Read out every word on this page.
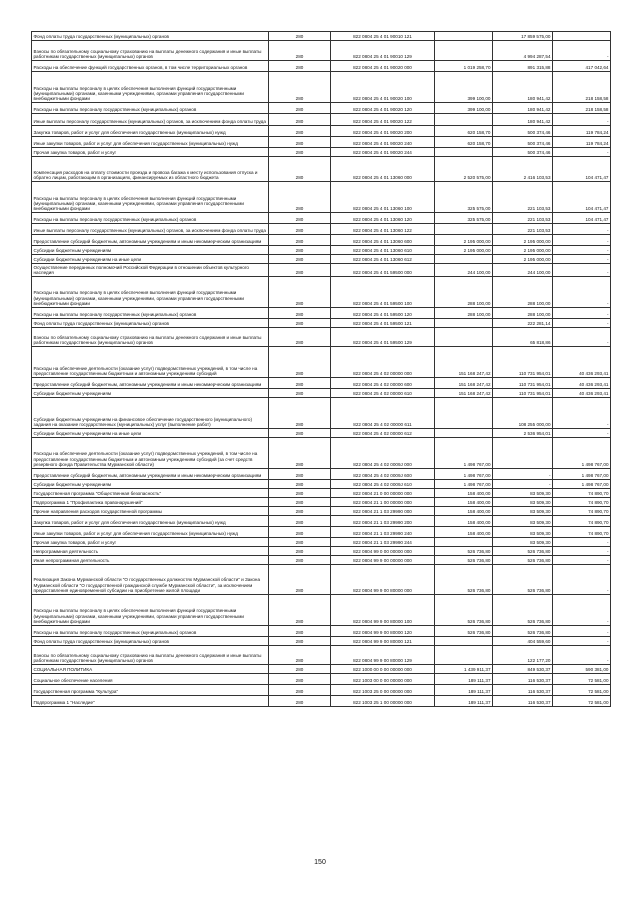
Фонд оплаты труда государственных (муниципальных) органов	280	822 0804 25 4 01 90010 121		17 859 575,00	
Взносы по обязательному социальному страхованию на выплаты денежного содержания и иные выплаты работникам государственных (муниципальных) органов	280	822 0804 25 4 01 90010 129		4 994 287,54	-
Расходы на обеспечение функций государственных органов, в том числе территориальных органов	280	822 0804 25 4 01 90020 000	1 019 258,70	891 315,88	417 042,64
Расходы на выплаты персоналу в целях обеспечения выполнения функций государственными (муниципальными) органами, казенными учреждениями, органами управления государственными внебюджетными фондами	280	822 0804 25 4 01 90020 100	399 100,00	180 941,42	218 158,58
Расходы на выплаты персоналу государственных (муниципальных) органов	280	822 0804 25 4 01 90020 120	399 100,00	180 941,42	218 158,58
Иные выплаты персоналу государственных (муниципальных) органов, за исключением фонда оплаты труда	280	822 0804 25 4 01 90020 122		180 941,42	-
Закупка товаров, работ и услуг для обеспечения государственных (муниципальных) нужд	280	822 0804 25 4 01 90020 200	620 158,70	500 374,46	119 784,24
Иные закупки товаров, работ и услуг для обеспечения государственных (муниципальных) нужд	280	822 0804 25 4 01 90020 240	620 158,70	500 374,46	119 784,24
Прочая закупка товаров, работ и услуг	280	822 0804 25 4 01 90020 244		500 374,46	-
Компенсация расходов на оплату стоимости проезда и провоза багажа к месту использования отпуска и обратно лицам, работающим в организациях, финансируемых из областного бюджета	280	822 0804 25 4 01 13060 000	2 520 575,00	2 416 103,53	104 471,47
Расходы на выплаты персоналу в целях обеспечения выполнения функций государственными (муниципальными) органами, казенными учреждениями, органами управления государственными внебюджетными фондами	280	822 0804 25 4 01 13060 100	325 575,00	221 103,53	104 471,47
Расходы на выплаты персоналу государственных (муниципальных) органов	280	822 0804 25 4 01 13060 120	325 575,00	221 103,53	104 471,47
Иные выплаты персоналу государственных (муниципальных) органов, за исключением фонда оплаты труда	280	822 0804 25 4 01 13060 122		221 103,53	-
Предоставление субсидий бюджетным, автономным учреждениям и иным некоммерческим организациям	280	822 0804 25 4 01 13060 600	2 195 000,00	2 195 000,00	-
Субсидии бюджетным учреждениям	280	822 0804 25 4 01 13060 610	2 195 000,00	2 195 000,00	-
Субсидии бюджетным учреждениям на иные цели	280	822 0804 25 4 01 13060 612		2 195 000,00	-
Осуществление переданных полномочий Российской Федерации в отношении объектов культурного наследия	280	822 0804 25 4 01 59500 000	244 100,00	244 100,00	-
Расходы на выплаты персоналу в целях обеспечения выполнения функций государственными (муниципальными) органами, казенными учреждениями, органами управления государственными внебюджетными фондами	280	822 0804 25 4 01 59500 100	288 100,00	288 100,00	-
Расходы на выплаты персоналу государственных (муниципальных) органов	280	822 0804 25 4 01 59500 120	288 100,00	288 100,00	-
Фонд оплаты труда государственных (муниципальных) органов	280	822 0804 25 4 01 59500 121		222 281,14	-
Взносы по обязательному социальному страхованию на выплаты денежного содержания и иные выплаты работникам государственных (муниципальных) органов	280	822 0804 25 4 01 59500 129		65 818,86	-
Расходы на обеспечение деятельности (оказание услуг) подведомственных учреждений, в том числе на предоставление государственным бюджетным и автономным учреждениям субсидий	280	822 0804 25 4 02 00000 000	151 168 247,42	110 731 954,01	40 436 293,41
Предоставление субсидий бюджетным, автономным учреждениям и иным некоммерческим организациям	280	822 0804 25 4 02 00000 600	151 168 247,42	110 731 954,01	40 436 293,41
Субсидии бюджетным учреждениям	280	822 0804 25 4 02 00000 610	151 168 247,42	110 731 954,01	40 436 293,41
Субсидии бюджетным учреждениям на финансовое обеспечение государственного (муниципального) задания на оказание государственных (муниципальных) услуг (выполнение работ)	280	822 0804 25 4 02 00000 611		108 255 000,00	-
Субсидии бюджетным учреждениям на иные цели	280	822 0804 25 4 02 00000 612		2 536 954,01	-
Расходы на обеспечение деятельности (оказание услуг) подведомственных учреждений, в том числе на предоставление государственным бюджетным и автономным учреждениям субсидий (за счет средств резервного фонда Правительства Мурманской области)	280	822 0804 25 4 02 0009J 000	1 498 767,00		1 498 767,00
Предоставление субсидий бюджетным, автономным учреждениям и иным некоммерческим организациям	280	822 0804 25 4 02 0009J 600	1 498 767,00	-	1 498 767,00
Субсидии бюджетным учреждениям	280	822 0804 25 4 02 0009J 610	1 498 767,00	-	1 498 767,00
Государственная программа "Общественная безопасность"	280	822 0804 21 0 00 00000 000	158 400,00	83 509,30	74 890,70
Подпрограмма 1 "Профилактика правонарушений"	280	822 0804 21 1 00 00000 000	158 400,00	83 509,30	74 890,70
Прочие направления расходов государственной программы	280	822 0804 21 1 03 29990 000	158 400,00	83 509,30	74 890,70
Закупка товаров, работ и услуг для обеспечения государственных (муниципальных) нужд	280	822 0804 21 1 03 29990 200	158 400,00	83 509,30	74 890,70
Иные закупки товаров, работ и услуг для обеспечения государственных (муниципальных) нужд	280	822 0804 21 1 03 29990 240	158 400,00	83 509,30	74 890,70
Прочая закупка товаров, работ и услуг	280	822 0804 21 1 03 29990 244		83 509,30	-
Непрограммная деятельность	280	822 0804 99 0 00 00000 000	526 736,80	526 736,80	-
Иная непрограммная деятельность	280	822 0804 99 9 00 00000 000	526 736,80	526 736,80	-
Реализация Закона Мурманской области "О государственных должностях Мурманской области" и Закона Мурманской области "О государственной гражданской службе Мурманской области", за исключением предоставления единовременной субсидии на приобретение жилой площади	280	822 0804 99 9 00 80000 000	526 736,80	526 736,80	-
Расходы на выплаты персоналу в целях обеспечения выполнения функций государственными (муниципальными) органами, казенными учреждениями, органами управления государственными внебюджетными фондами	280	822 0804 99 9 00 80000 100	526 736,80	526 736,80	-
Расходы на выплаты персоналу государственных (муниципальных) органов	280	822 0804 99 9 00 80000 120	526 736,80	526 736,80	-
Фонд оплаты труда государственных (муниципальных) органов	280	822 0804 99 9 00 80000 121		404 559,60	-
Взносы по обязательному социальному страхованию на выплаты денежного содержания и иные выплаты работникам государственных (муниципальных) органов	280	822 0804 99 9 00 80000 129		122 177,20	-
СОЦИАЛЬНАЯ ПОЛИТИКА	280	822 1000 00 0 00 00000 000	1 439 911,37	849 530,37	590 381,00
Социальное обеспечение населения	280	822 1003 00 0 00 00000 000	189 111,37	116 530,37	72 581,00
Государственная программа "Культура"	280	822 1003 25 0 00 00000 000	189 111,37	116 530,37	72 581,00
Подпрограмма 1 "Наследие"	280	822 1003 25 1 00 00000 000	189 111,37	116 530,37	72 581,00
150
